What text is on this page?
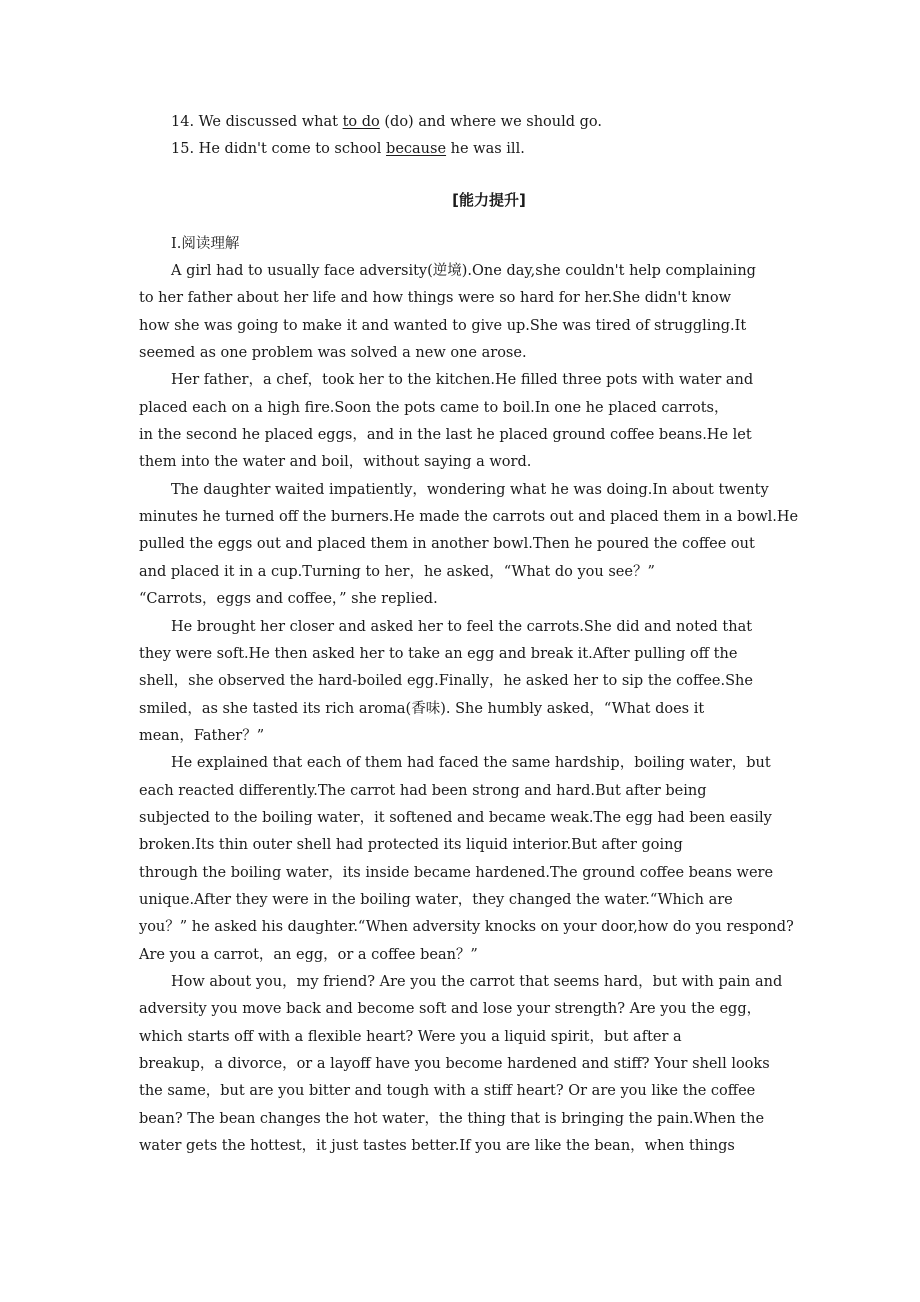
14. We discussed what to do (do) and where we should go.
15. He didn't come to school because he was ill.
[能力提升]
Ⅰ.阅读理解
A girl had to usually face adversity(逆境).One day,she couldn't help complaining
to her father about her life and how things were so hard for her.She didn't know
how she was going to make it and wanted to give up.She was tired of struggling.It
seemed as one problem was solved a new one arose.
Her father，a chef，took her to the kitchen.He filled three pots with water and
placed each on a high fire.Soon the pots came to boil.In one he placed carrots，
in the second he placed eggs，and in the last he placed ground coffee beans.He let
them into the water and boil，without saying a word.
The daughter waited impatiently，wondering what he was doing.In about twenty
minutes he turned off the burners.He made the carrots out and placed them in a bowl.He
pulled the eggs out and placed them in another bowl.Then he poured the coffee out
and placed it in a cup.Turning to her，he asked，“What do you see？”
“Carrots，eggs and coffee，” she replied.
He brought her closer and asked her to feel the carrots.She did and noted that
they were soft.He then asked her to take an egg and break it.After pulling off the
shell，she observed the hard-boiled egg.Finally，he asked her to sip the coffee.She
smiled，as she tasted its rich aroma(香味). She humbly asked，“What does it
mean，Father？”
He explained that each of them had faced the same hardship，boiling water，but
each reacted differently.The carrot had been strong and hard.But after being
subjected to the boiling water，it softened and became weak.The egg had been easily
broken.Its thin outer shell had protected its liquid interior.But after going
through the boiling water，its inside became hardened.The ground coffee beans were
unique.After they were in the boiling water，they changed the water.“Which are
you？” he asked his daughter.“When adversity knocks on your door,how do you respond?
Are you a carrot，an egg，or a coffee bean？”
How about you，my friend? Are you the carrot that seems hard，but with pain and
adversity you move back and become soft and lose your strength? Are you the egg，
which starts off with a flexible heart? Were you a liquid spirit，but after a
breakup，a divorce，or a layoff have you become hardened and stiff? Your shell looks
the same，but are you bitter and tough with a stiff heart? Or are you like the coffee
bean? The bean changes the hot water，the thing that is bringing the pain.When the
water gets the hottest，it just tastes better.If you are like the bean，when things
